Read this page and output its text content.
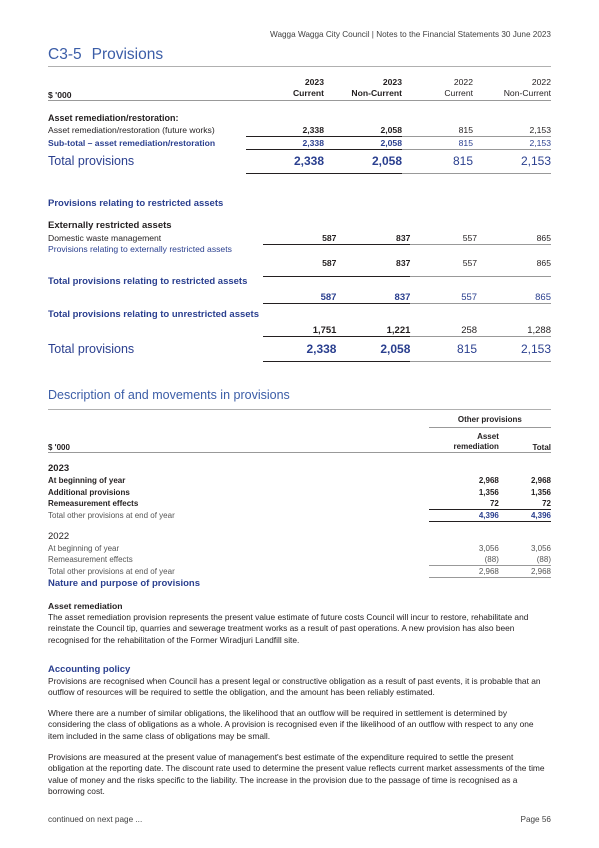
Wagga Wagga City Council | Notes to the Financial Statements 30 June 2023
C3-5 Provisions
	2023	2023	2022	2022
$ '000	Current	Non-Current	Current	Non-Current

Asset remediation/restoration:				
Asset remediation/restoration (future works)	2,338	2,058	815	2,153
Sub-total – asset remediation/restoration	2,338	2,058	815	2,153
Total provisions	2,338	2,058	815	2,153
Provisions relating to restricted assets
Externally restricted assets				
Domestic waste management	587	837	557	865
Provisions relating to externally restricted assets	587	837	557	865

Total provisions relating to restricted assets	587	837	557	865

Total provisions relating to unrestricted assets	1,751	1,221	258	1,288
Total provisions	2,338	2,058	815	2,153
Description of and movements in provisions
	Other provisions	
$ '000	Asset remediation	Total

2023		
At beginning of year	2,968	2,968
Additional provisions	1,356	1,356
Remeasurement effects	72	72
Total other provisions at end of year	4,396	4,396

2022		
At beginning of year	3,056	3,056
Remeasurement effects	(88)	(88)
Total other provisions at end of year	2,968	2,968
Nature and purpose of provisions
Asset remediation
The asset remediation provision represents the present value estimate of future costs Council will incur to restore, rehabilitate and reinstate the Council tip, quarries and sewerage treatment works as a result of past operations. A new provision has also been recognised for the rehabilitation of the Former Wiradjuri Landfill site.
Accounting policy
Provisions are recognised when Council has a present legal or constructive obligation as a result of past events, it is probable that an outflow of resources will be required to settle the obligation, and the amount has been reliably estimated.
Where there are a number of similar obligations, the likelihood that an outflow will be required in settlement is determined by considering the class of obligations as a whole. A provision is recognised even if the likelihood of an outflow with respect to any one item included in the same class of obligations may be small.
Provisions are measured at the present value of management's best estimate of the expenditure required to settle the present obligation at the reporting date. The discount rate used to determine the present value reflects current market assessments of the time value of money and the risks specific to the liability. The increase in the provision due to the passage of time is recognised as a borrowing cost.
continued on next page ...	Page 56
